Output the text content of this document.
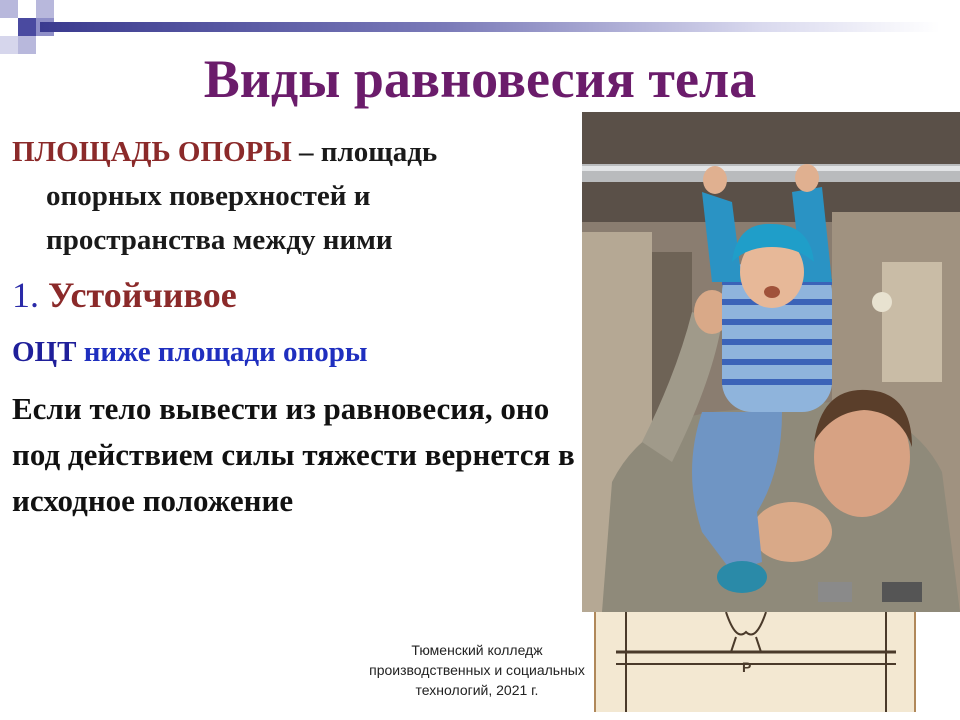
Виды равновесия тела
ПЛОЩАДЬ ОПОРЫ – площадь
опорных поверхностей и
пространства между ними
1. Устойчивое
ОЦТ ниже площади опоры
Если тело вывести из равновесия, оно под действием силы тяжести вернется в исходное положение
P
Тюменский колледж
производственных и социальных
технологий, 2021 г.
